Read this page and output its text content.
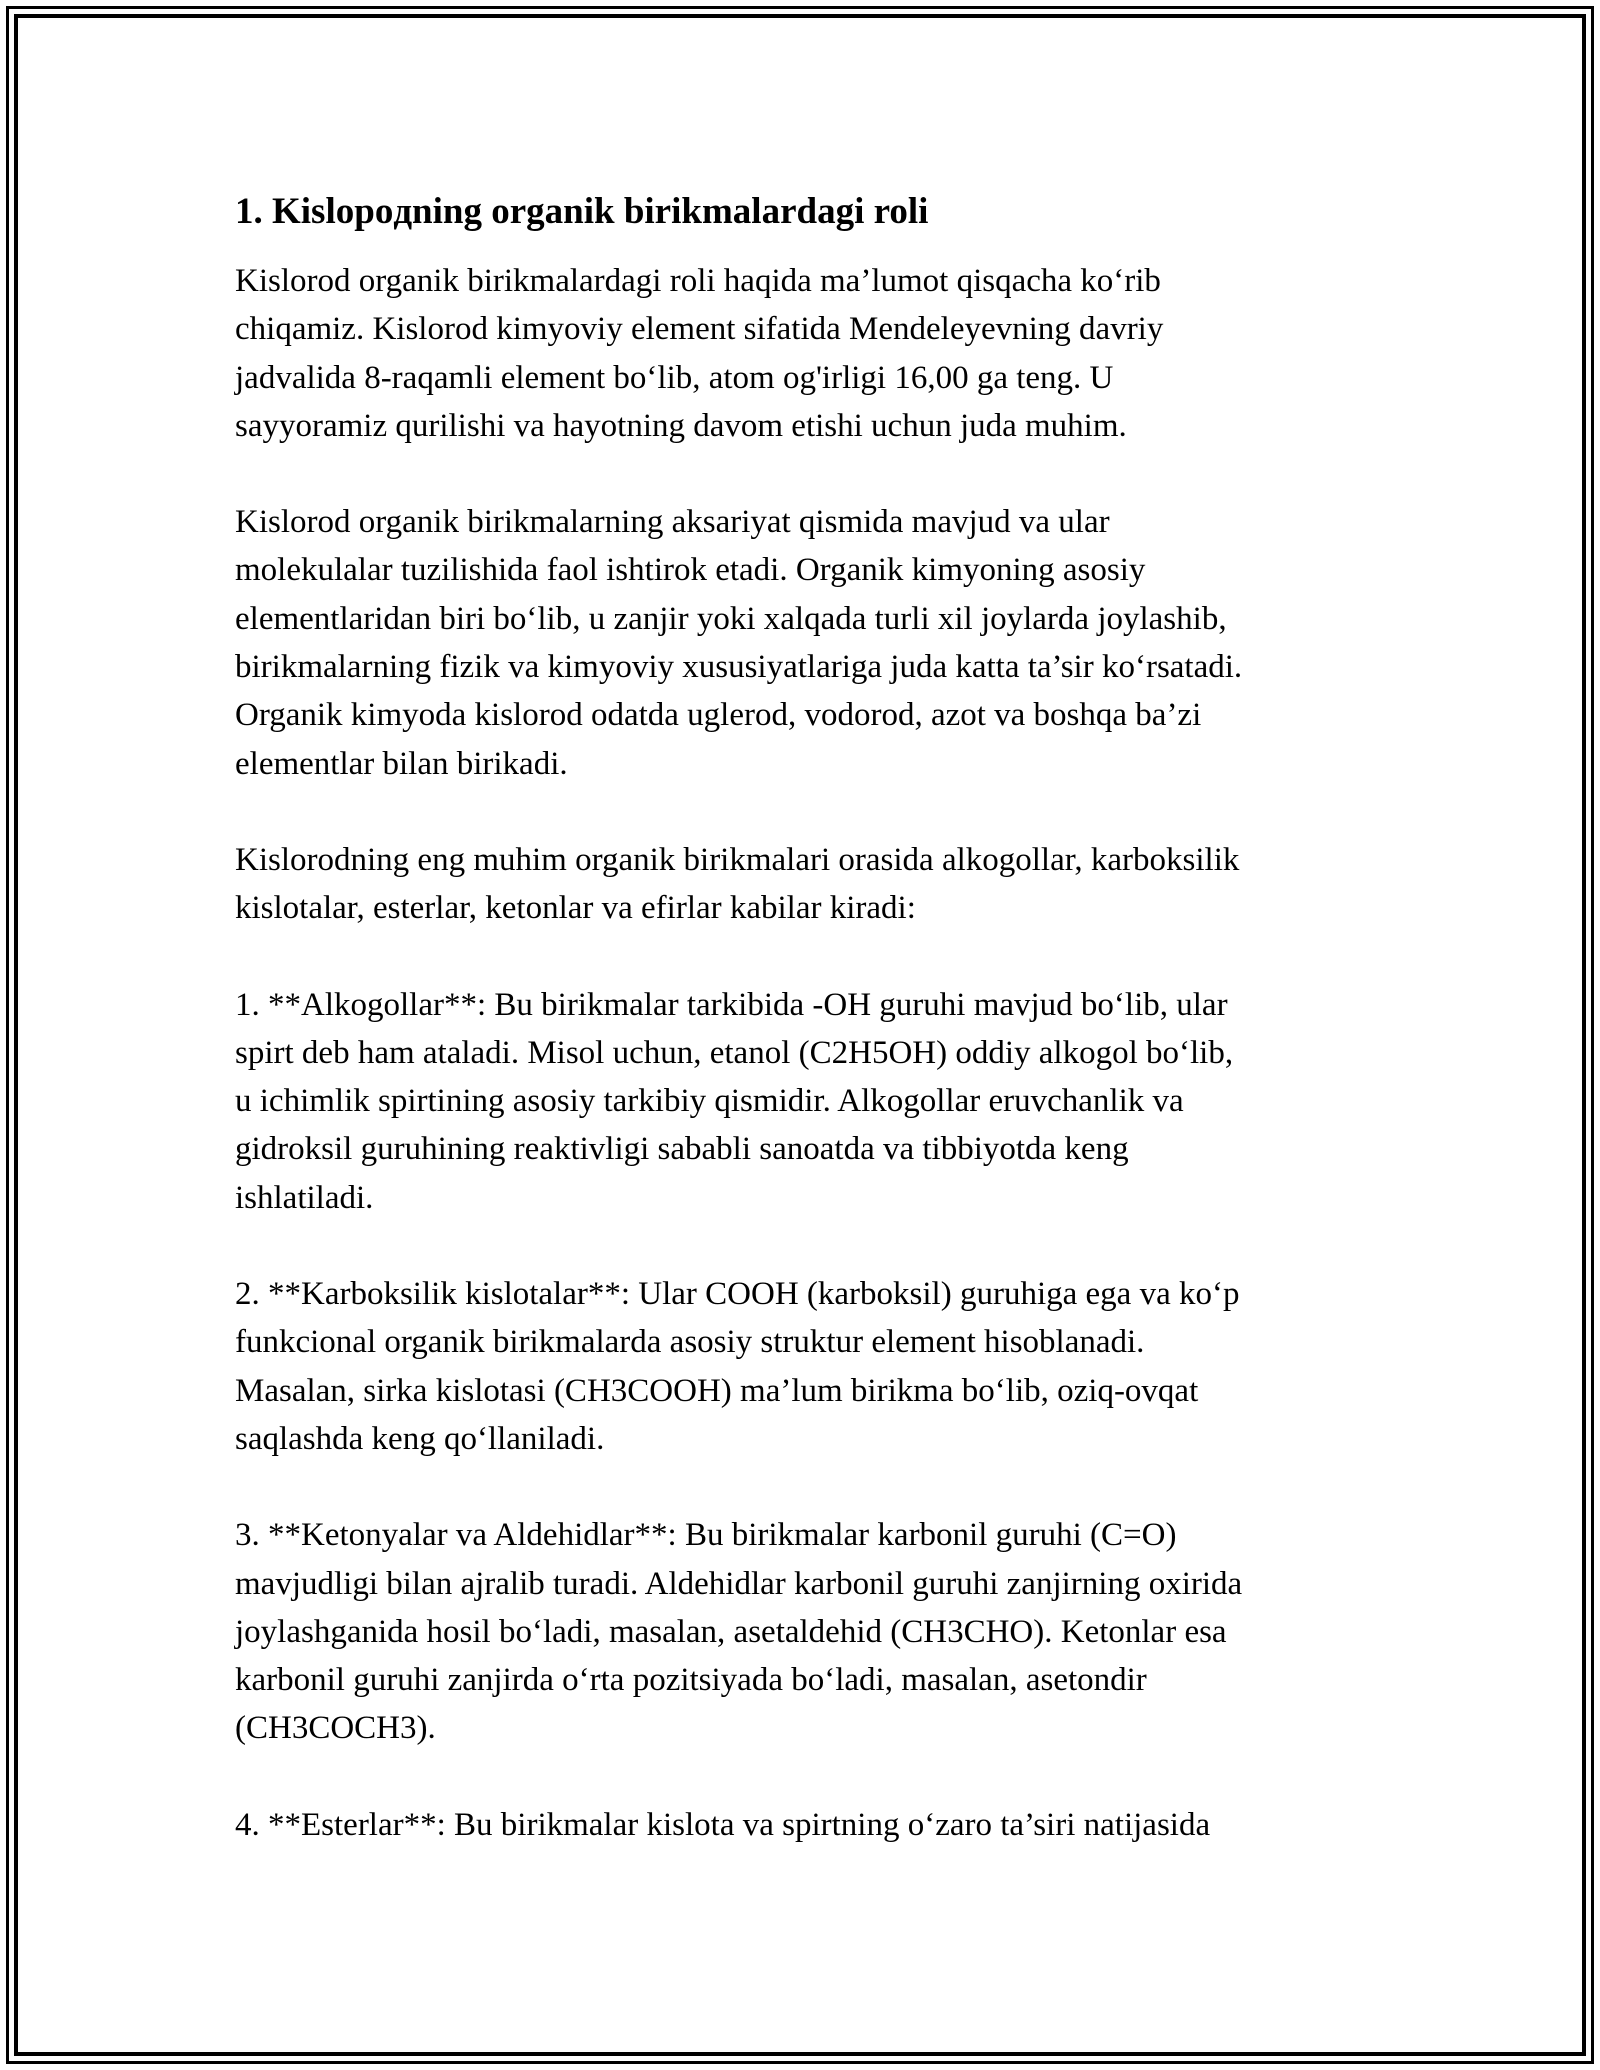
1. Kislopoдning organik birikmalardagi roli

Kislorod organik birikmalardagi roli haqida ma’lumot qisqacha ko‘rib
chiqamiz. Kislorod kimyoviy element sifatida Mendeleyevning davriy
jadvalida 8-raqamli element bo‘lib, atom og'irligi 16,00 ga teng. U
sayyoramiz qurilishi va hayotning davom etishi uchun juda muhim.

Kislorod organik birikmalarning aksariyat qismida mavjud va ular
molekulalar tuzilishida faol ishtirok etadi. Organik kimyoning asosiy
elementlaridan biri bo‘lib, u zanjir yoki xalqada turli xil joylarda joylashib,
birikmalarning fizik va kimyoviy xususiyatlariga juda katta ta’sir ko‘rsatadi.
Organik kimyoda kislorod odatda uglerod, vodorod, azot va boshqa ba’zi
elementlar bilan birikadi.

Kislorodning eng muhim organik birikmalari orasida alkogollar, karboksilik
kislotalar, esterlar, ketonlar va efirlar kabilar kiradi:

1. **Alkogollar**: Bu birikmalar tarkibida -OH guruhi mavjud bo‘lib, ular
spirt deb ham ataladi. Misol uchun, etanol (C2H5OH) oddiy alkogol bo‘lib,
u ichimlik spirtining asosiy tarkibiy qismidir. Alkogollar eruvchanlik va
gidroksil guruhining reaktivligi sababli sanoatda va tibbiyotda keng
ishlatiladi.

2. **Karboksilik kislotalar**: Ular COOH (karboksil) guruhiga ega va ko‘p
funkcional organik birikmalarda asosiy struktur element hisoblanadi.
Masalan, sirka kislotasi (CH3COOH) ma’lum birikma bo‘lib, oziq-ovqat
saqlashda keng qo‘llaniladi.

3. **Ketonyalar va Aldehidlar**: Bu birikmalar karbonil guruhi (C=O)
mavjudligi bilan ajralib turadi. Aldehidlar karbonil guruhi zanjirning oxirida
joylashganida hosil bo‘ladi, masalan, asetaldehid (CH3CHO). Ketonlar esa
karbonil guruhi zanjirda o‘rta pozitsiyada bo‘ladi, masalan, asetondir
(CH3COCH3).

4. **Esterlar**: Bu birikmalar kislota va spirtning o‘zaro ta’siri natijasida
